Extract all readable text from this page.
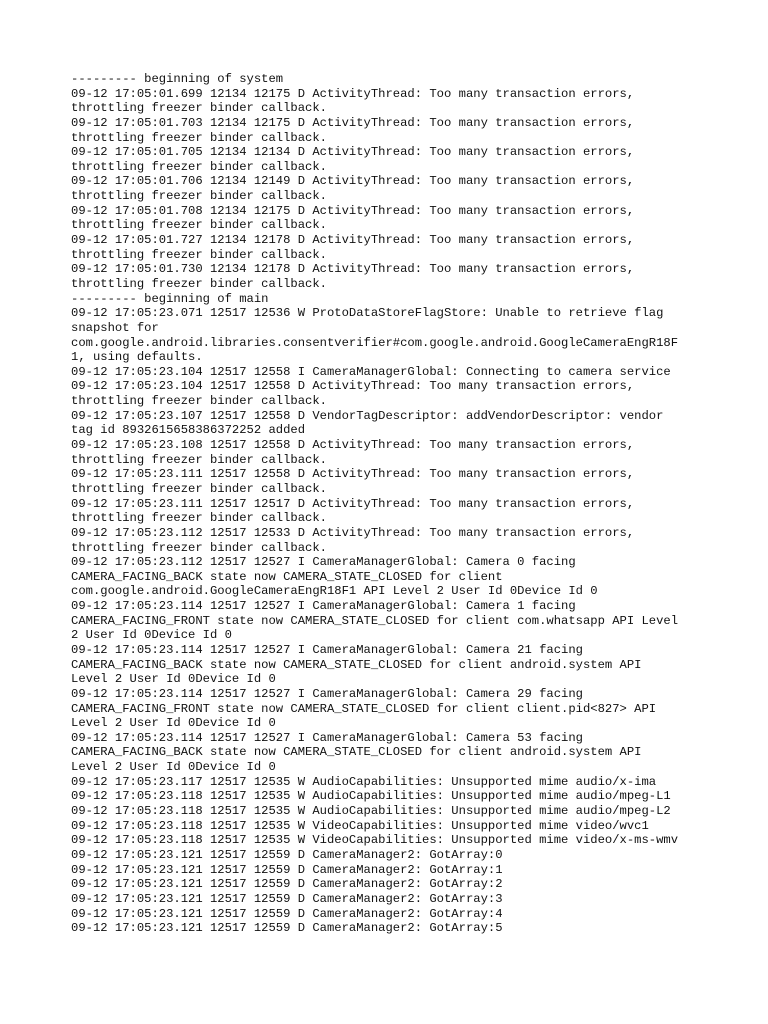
--------- beginning of system
09-12 17:05:01.699 12134 12175 D ActivityThread: Too many transaction errors,
throttling freezer binder callback.
09-12 17:05:01.703 12134 12175 D ActivityThread: Too many transaction errors,
throttling freezer binder callback.
09-12 17:05:01.705 12134 12134 D ActivityThread: Too many transaction errors,
throttling freezer binder callback.
09-12 17:05:01.706 12134 12149 D ActivityThread: Too many transaction errors,
throttling freezer binder callback.
09-12 17:05:01.708 12134 12175 D ActivityThread: Too many transaction errors,
throttling freezer binder callback.
09-12 17:05:01.727 12134 12178 D ActivityThread: Too many transaction errors,
throttling freezer binder callback.
09-12 17:05:01.730 12134 12178 D ActivityThread: Too many transaction errors,
throttling freezer binder callback.
--------- beginning of main
09-12 17:05:23.071 12517 12536 W ProtoDataStoreFlagStore: Unable to retrieve flag
snapshot for
com.google.android.libraries.consentverifier#com.google.android.GoogleCameraEngR18F
1, using defaults.
09-12 17:05:23.104 12517 12558 I CameraManagerGlobal: Connecting to camera service
09-12 17:05:23.104 12517 12558 D ActivityThread: Too many transaction errors,
throttling freezer binder callback.
09-12 17:05:23.107 12517 12558 D VendorTagDescriptor: addVendorDescriptor: vendor
tag id 8932615658386372252 added
09-12 17:05:23.108 12517 12558 D ActivityThread: Too many transaction errors,
throttling freezer binder callback.
09-12 17:05:23.111 12517 12558 D ActivityThread: Too many transaction errors,
throttling freezer binder callback.
09-12 17:05:23.111 12517 12517 D ActivityThread: Too many transaction errors,
throttling freezer binder callback.
09-12 17:05:23.112 12517 12533 D ActivityThread: Too many transaction errors,
throttling freezer binder callback.
09-12 17:05:23.112 12517 12527 I CameraManagerGlobal: Camera 0 facing
CAMERA_FACING_BACK state now CAMERA_STATE_CLOSED for client
com.google.android.GoogleCameraEngR18F1 API Level 2 User Id 0Device Id 0
09-12 17:05:23.114 12517 12527 I CameraManagerGlobal: Camera 1 facing
CAMERA_FACING_FRONT state now CAMERA_STATE_CLOSED for client com.whatsapp API Level
2 User Id 0Device Id 0
09-12 17:05:23.114 12517 12527 I CameraManagerGlobal: Camera 21 facing
CAMERA_FACING_BACK state now CAMERA_STATE_CLOSED for client android.system API
Level 2 User Id 0Device Id 0
09-12 17:05:23.114 12517 12527 I CameraManagerGlobal: Camera 29 facing
CAMERA_FACING_FRONT state now CAMERA_STATE_CLOSED for client client.pid<827> API
Level 2 User Id 0Device Id 0
09-12 17:05:23.114 12517 12527 I CameraManagerGlobal: Camera 53 facing
CAMERA_FACING_BACK state now CAMERA_STATE_CLOSED for client android.system API
Level 2 User Id 0Device Id 0
09-12 17:05:23.117 12517 12535 W AudioCapabilities: Unsupported mime audio/x-ima
09-12 17:05:23.118 12517 12535 W AudioCapabilities: Unsupported mime audio/mpeg-L1
09-12 17:05:23.118 12517 12535 W AudioCapabilities: Unsupported mime audio/mpeg-L2
09-12 17:05:23.118 12517 12535 W VideoCapabilities: Unsupported mime video/wvc1
09-12 17:05:23.118 12517 12535 W VideoCapabilities: Unsupported mime video/x-ms-wmv
09-12 17:05:23.121 12517 12559 D CameraManager2: GotArray:0
09-12 17:05:23.121 12517 12559 D CameraManager2: GotArray:1
09-12 17:05:23.121 12517 12559 D CameraManager2: GotArray:2
09-12 17:05:23.121 12517 12559 D CameraManager2: GotArray:3
09-12 17:05:23.121 12517 12559 D CameraManager2: GotArray:4
09-12 17:05:23.121 12517 12559 D CameraManager2: GotArray:5
